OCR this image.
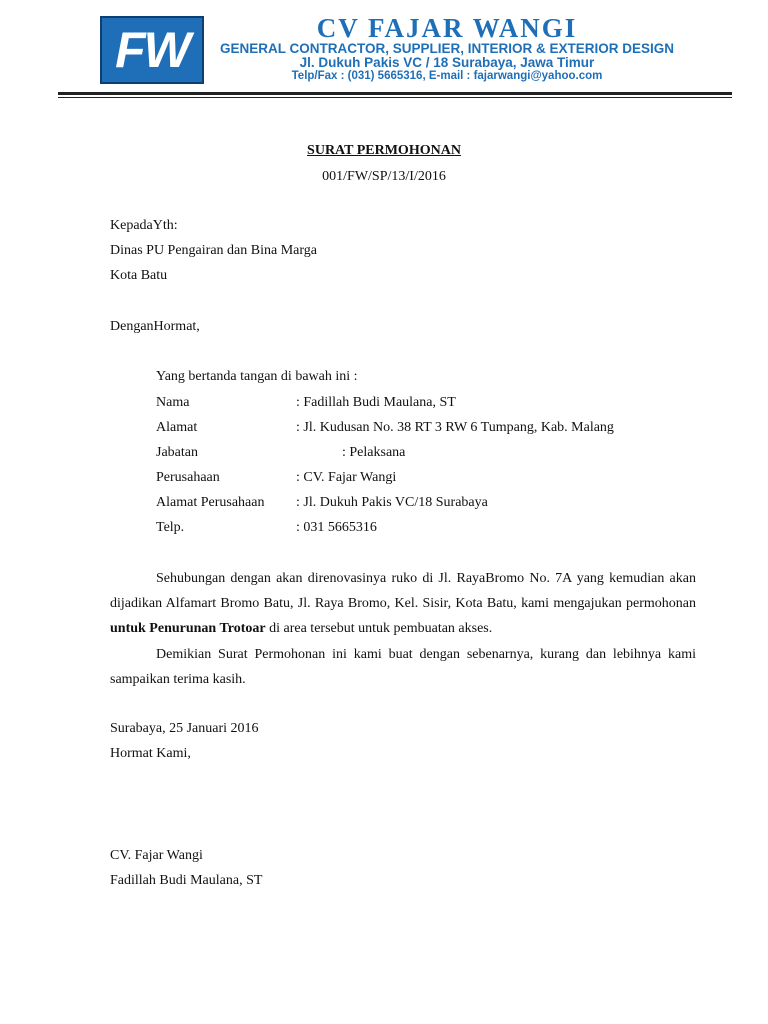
FW	CV FAJAR WANGI
GENERAL CONTRACTOR, SUPPLIER, INTERIOR & EXTERIOR DESIGN
Jl. Dukuh Pakis VC / 18 Surabaya, Jawa Timur
Telp/Fax : (031) 5665316, E-mail : fajarwangi@yahoo.com
SURAT PERMOHONAN
001/FW/SP/13/I/2016
KepadaYth:
Dinas PU Pengairan dan Bina Marga
Kota Batu
DenganHormat,
Yang bertanda tangan di bawah ini :
Nama	: Fadillah Budi Maulana, ST
Alamat	: Jl. Kudusan No. 38 RT 3 RW 6 Tumpang, Kab. Malang
Jabatan	: Pelaksana
Perusahaan	: CV. Fajar Wangi
Alamat Perusahaan : Jl. Dukuh Pakis VC/18 Surabaya
Telp.	: 031 5665316
Sehubungan dengan akan direnovasinya ruko di Jl. RayaBromo No. 7A yang kemudian akan dijadikan Alfamart Bromo Batu, Jl. Raya Bromo, Kel. Sisir, Kota Batu, kami mengajukan permohonan untuk Penurunan Trotoar di area tersebut untuk pembuatan akses.
Demikian Surat Permohonan ini kami buat dengan sebenarnya, kurang dan lebihnya kami sampaikan terima kasih.
Surabaya, 25 Januari 2016
Hormat Kami,
CV. Fajar Wangi
Fadillah Budi Maulana, ST
